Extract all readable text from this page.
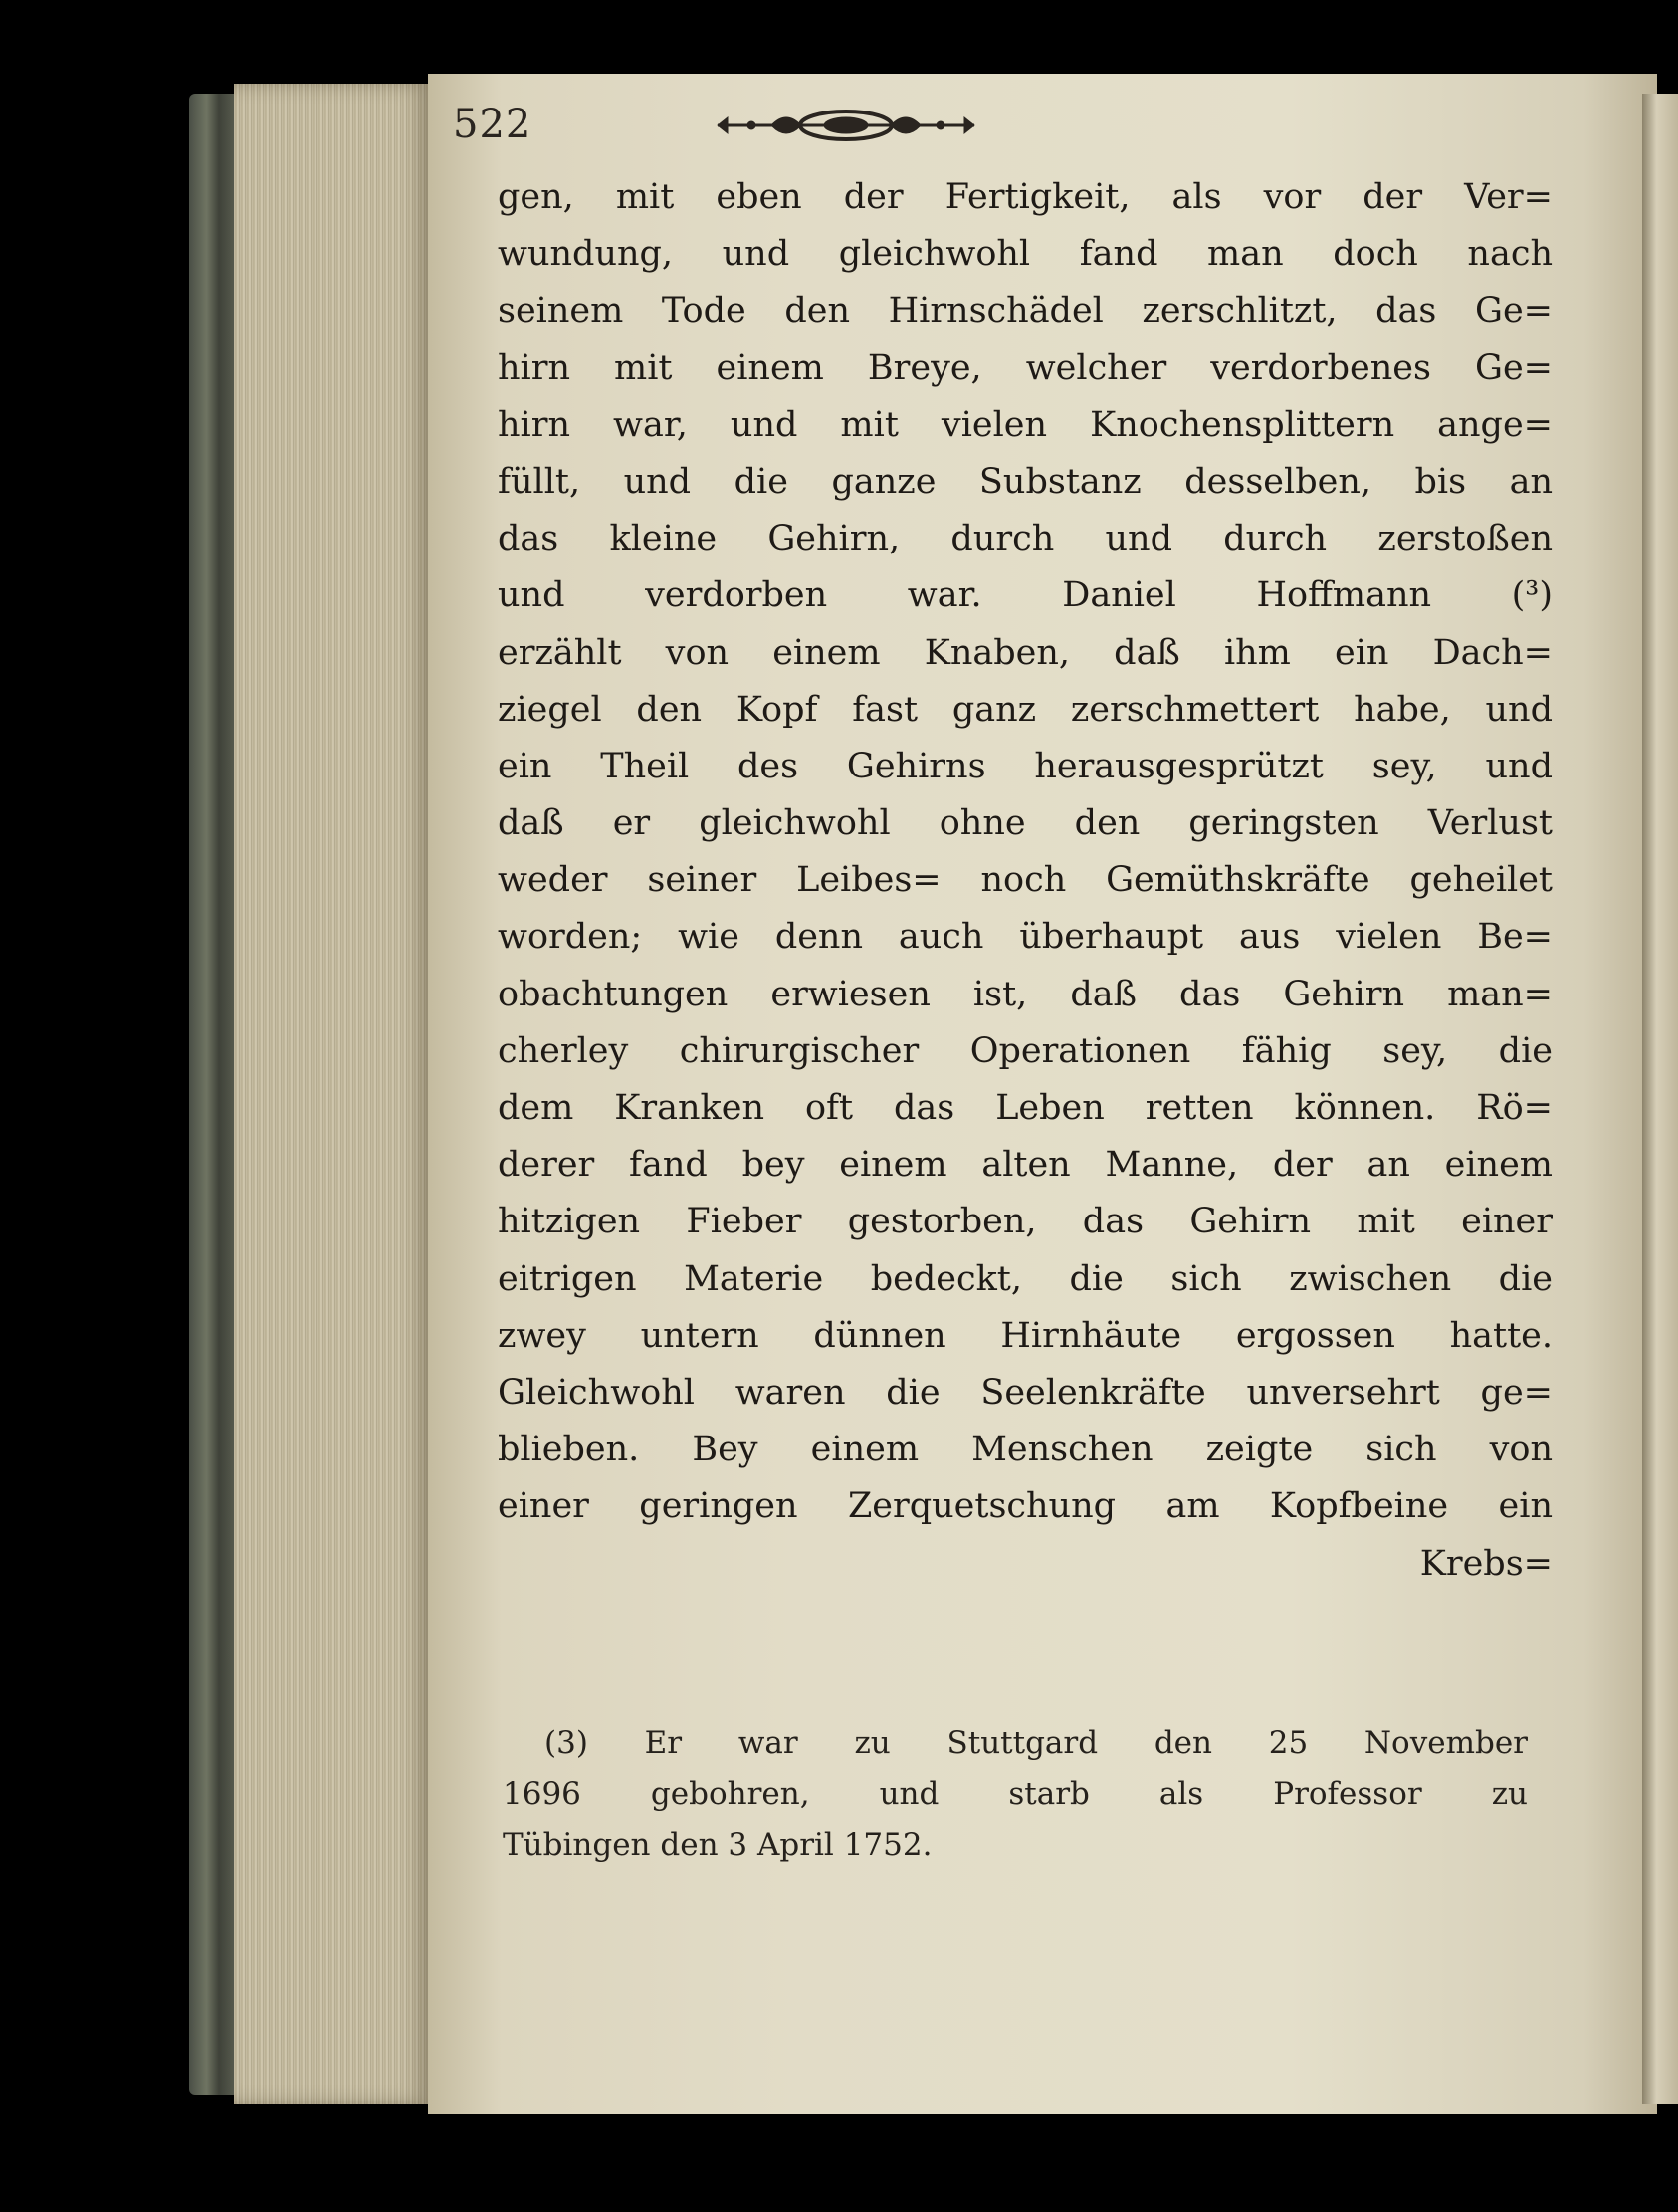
522
gen, mit eben der Fertigkeit, als vor der Ver=
wundung, und gleichwohl fand man doch nach
seinem Tode den Hirnschädel zerschlitzt, das Ge=
hirn mit einem Breye, welcher verdorbenes Ge=
hirn war, und mit vielen Knochensplittern ange=
füllt, und die ganze Substanz desselben, bis an
das kleine Gehirn, durch und durch zerstoßen
und verdorben war. Daniel Hoffmann (³)
erzählt von einem Knaben, daß ihm ein Dach=
ziegel den Kopf fast ganz zerschmettert habe, und
ein Theil des Gehirns herausgesprützt sey, und
daß er gleichwohl ohne den geringsten Verlust
weder seiner Leibes= noch Gemüthskräfte geheilet
worden; wie denn auch überhaupt aus vielen Be=
obachtungen erwiesen ist, daß das Gehirn man=
cherley chirurgischer Operationen fähig sey, die
dem Kranken oft das Leben retten können. Rö=
derer fand bey einem alten Manne, der an einem
hitzigen Fieber gestorben, das Gehirn mit einer
eitrigen Materie bedeckt, die sich zwischen die
zwey untern dünnen Hirnhäute ergossen hatte.
Gleichwohl waren die Seelenkräfte unversehrt ge=
blieben. Bey einem Menschen zeigte sich von
einer geringen Zerquetschung am Kopfbeine ein
Krebs=
(3) Er war zu Stuttgard den 25 November
1696 gebohren, und starb als Professor zu
Tübingen den 3 April 1752.
